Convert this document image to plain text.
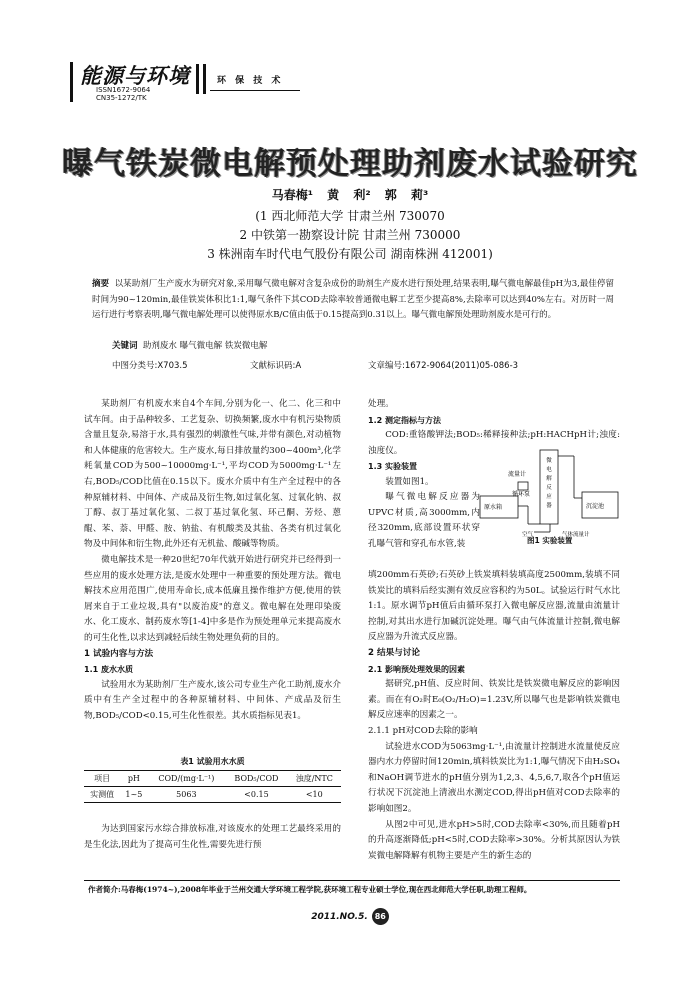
能源与环境
ISSN1672-9064
CN35-1272/TK
环 保 技 术
曝气铁炭微电解预处理助剂废水试验研究
马春梅¹ 黄 利² 郭 莉³
(1 西北师范大学 甘肃兰州 730070
2 中铁第一勘察设计院 甘肃兰州 730000
3 株洲南车时代电气股份有限公司 湖南株洲 412001)
摘要 以某助剂厂生产废水为研究对象,采用曝气微电解对含复杂成份的助剂生产废水进行预处理,结果表明,曝气微电解最佳pH为3,最佳停留时间为90~120min,最佳铁炭体积比1:1,曝气条件下其COD去除率较普通微电解工艺至少提高8%,去除率可以达到40%左右。对历时一周运行进行考察表明,曝气微电解处理可以使得原水B/C值由低于0.15提高到0.31以上。曝气微电解预处理助剂废水是可行的。
关键词 助剂废水 曝气微电解 铁炭微电解
中图分类号:X703.5	文献标识码:A	文章编号:1672-9064(2011)05-086-3

某助剂厂有机废水来自4个车间,分别为化一、化二、化三和中试车间。由于品种较多、工艺复杂、切换频繁,废水中有机污染物质含量且复杂,易溶于水,具有强烈的刺激性气味,并带有颜色,对动植物和人体健康的危害较大。生产废水,每日排放量约300~400m³,化学耗氧量COD为500~10000mg·L⁻¹,平均COD为5000mg·L⁻¹左右,BOD₅/COD比值在0.15以下。废水介质中有生产全过程中的各种原辅材料、中间体、产成品及衍生物,如过氧化氢、过氧化钠、叔丁醇、叔丁基过氧化氢、二叔丁基过氧化氢、环己酮、芳烃、蒽醌、苯、萘、甲醛、胺、钠盐、有机酸类及其盐、各类有机过氧化物及中间体和衍生物,此外还有无机盐、酸碱等物质。

微电解技术是一种20世纪70年代就开始进行研究并已经得到一些应用的废水处理方法,是废水处理中一种重要的预处理方法。微电解技术应用范围广,使用寿命长,成本低廉且操作维护方便,使用的铁屑来自于工业垃圾,具有"以废治废"的意义。微电解在处理印染废水、化工废水、制药废水等[1-4]中多是作为预处理单元来提高废水的可生化性,以求达到减轻后续生物处理负荷的目的。

1 试验内容与方法

1.1 废水水质

试验用水为某助剂厂生产废水,该公司专业生产化工助剂,废水介质中有生产全过程中的各种原辅材料、中间体、产成品及衍生物,BOD₅/COD<0.15,可生化性很差。其水质指标见表1。

表1 试验用水水质
项目	pH	COD/(mg·L⁻¹)	BOD₅/COD	浊度/NTC
实测值	1~5	5063	<0.15	<10

为达到国家污水综合排放标准,对该废水的处理工艺最终采用的是生化法,因此为了提高可生化性,需要先进行预

处理。

1.2 测定指标与方法

COD:重铬酸钾法;BOD₅:稀释接种法;pH:HACHpH计;浊度:浊度仪。

1.3 实验装置

装置如图1。

曝气微电解反应器为UPVC材质,高3000mm,内径320mm,底部设置环状穿孔曝气管和穿孔布水管,装

流量计
循环泵
原水箱
微
电
解
反
应
器	沉淀池
空气	气体流量计
图1 实验装置

填200mm石英砂;石英砂上铁炭填料装填高度2500mm,装填不同铁炭比的填料后经实测有效反应容积约为50L。试验运行时气水比1:1。原水调节pH值后由循环泵打入微电解反应器,流量由流量计控制,对其出水进行加碱沉淀处理。曝气由气体流量计控制,微电解反应器为升流式反应器。

2 结果与讨论

2.1 影响预处理效果的因素

据研究,pH值、反应时间、铁炭比是铁炭微电解反应的影响因素。而在有O₂时E₀(O₂/H₂O)=1.23V,所以曝气也是影响铁炭微电解反应速率的因素之一。

2.1.1 pH对COD去除的影响

试验进水COD为5063mg·L⁻¹,由流量计控制进水流量使反应器内水力停留时间120min,填料铁炭比为1:1,曝气情况下由H₂SO₄和NaOH调节进水的pH值分别为1,2,3、4,5,6,7,取各个pH值运行状况下沉淀池上清液出水测定COD,得出pH值对COD去除率的影响如图2。

从图2中可见,进水pH>5时,COD去除率<30%,而且随着pH的升高逐渐降低;pH<5时,COD去除率>30%。分析其原因认为铁炭微电解降解有机物主要是产生的新生态的

作者简介:马春梅(1974~),2008年毕业于兰州交通大学环境工程学院,获环境工程专业硕士学位,现在西北师范大学任职,助理工程师。
2011.NO.5. 86
